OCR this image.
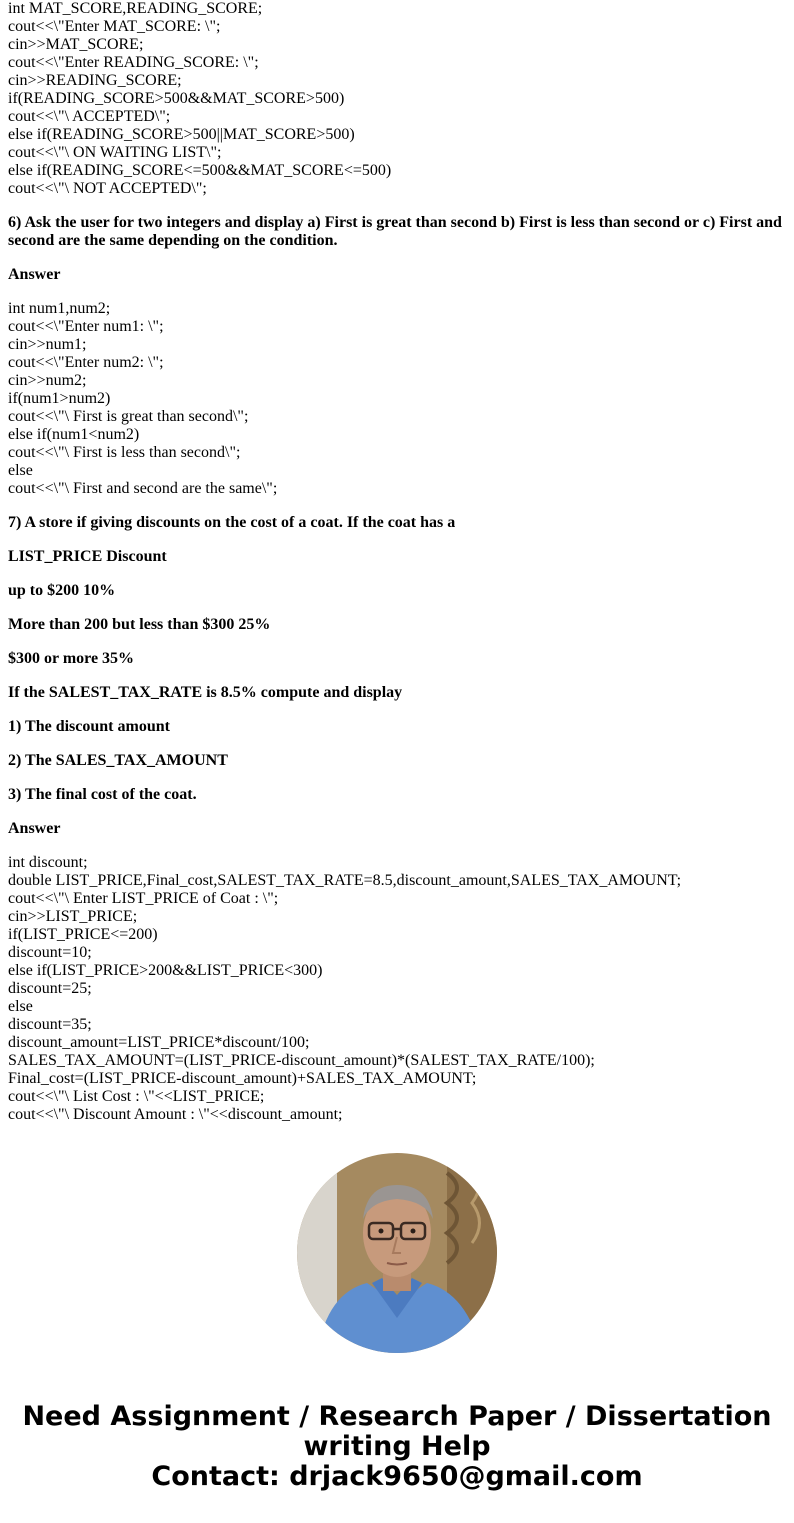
int MAT_SCORE,READING_SCORE;
cout<<\"Enter MAT_SCORE: \";
cin>>MAT_SCORE;
cout<<\"Enter READING_SCORE: \";
cin>>READING_SCORE;
if(READING_SCORE>500&&MAT_SCORE>500)
cout<<\"\ ACCEPTED\";
else if(READING_SCORE>500||MAT_SCORE>500)
cout<<\"\ ON WAITING LIST\";
else if(READING_SCORE<=500&&MAT_SCORE<=500)
cout<<\"\ NOT ACCEPTED\";

6) Ask the user for two integers and display a) First is great than second b) First is less than second or c) First and second are the same depending on the condition.

Answer

int num1,num2;
cout<<\"Enter num1: \";
cin>>num1;
cout<<\"Enter num2: \";
cin>>num2;
if(num1>num2)
cout<<\"\ First is great than second\";
else if(num1<num2)
cout<<\"\ First is less than second\";
else
cout<<\"\ First and second are the same\";

7) A store if giving discounts on the cost of a coat. If the coat has a

LIST_PRICE Discount

up to $200 10%

More than 200 but less than $300 25%

$300 or more 35%

If the SALEST_TAX_RATE is 8.5% compute and display

1) The discount amount

2) The SALES_TAX_AMOUNT

3) The final cost of the coat.

Answer

int discount;
double LIST_PRICE,Final_cost,SALEST_TAX_RATE=8.5,discount_amount,SALES_TAX_AMOUNT;
cout<<\"\ Enter LIST_PRICE of Coat : \";
cin>>LIST_PRICE;
if(LIST_PRICE<=200)
discount=10;
else if(LIST_PRICE>200&&LIST_PRICE<300)
discount=25;
else
discount=35;
discount_amount=LIST_PRICE*discount/100;
SALES_TAX_AMOUNT=(LIST_PRICE-discount_amount)*(SALEST_TAX_RATE/100);
Final_cost=(LIST_PRICE-discount_amount)+SALES_TAX_AMOUNT;
cout<<\"\ List Cost : \"<<LIST_PRICE;
cout<<\"\ Discount Amount : \"<<discount_amount;
Need Assignment / Research Paper / Dissertation
writing Help
Contact: drjack9650@gmail.com
